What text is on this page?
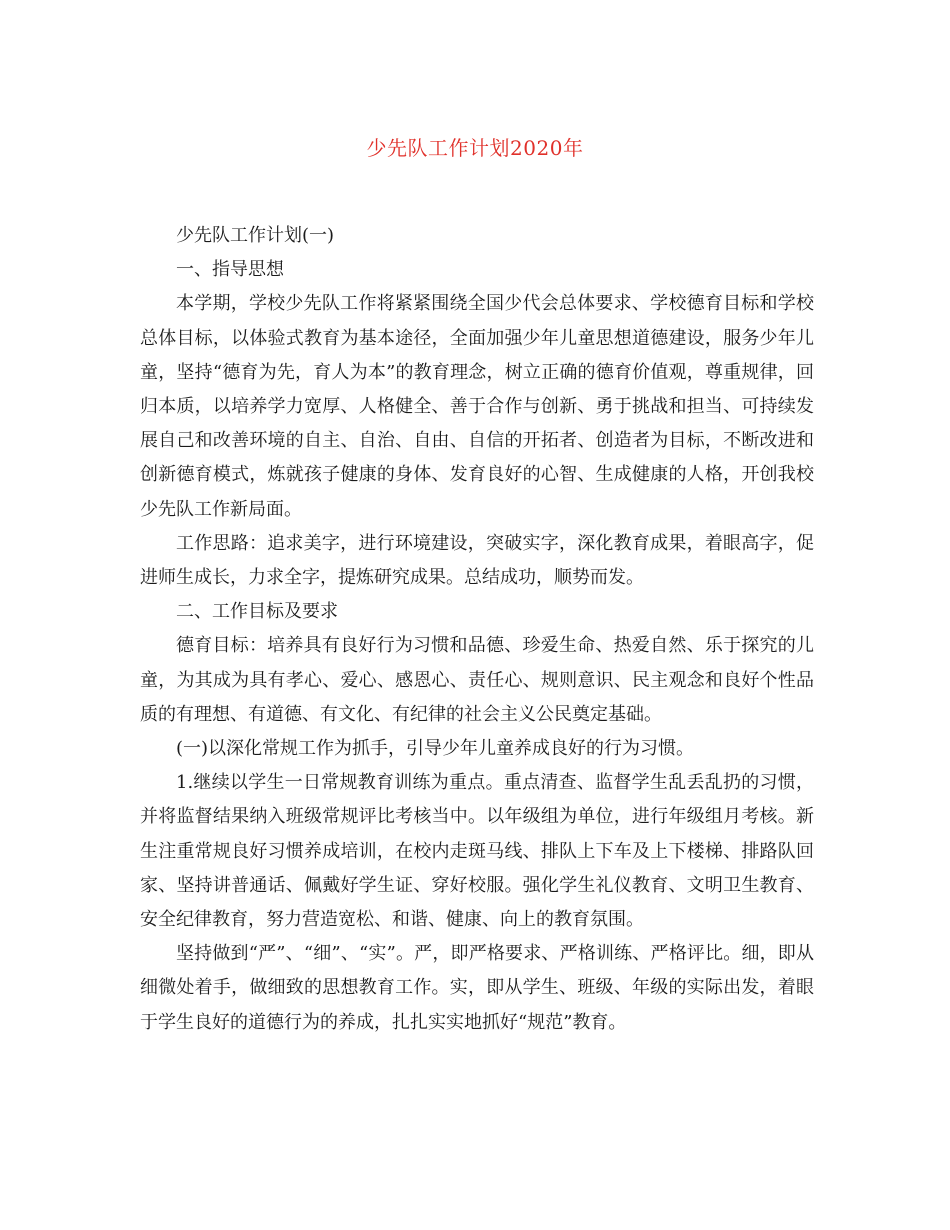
少先队工作计划2020年

少先队工作计划(一)

一、指导思想

本学期，学校少先队工作将紧紧围绕全国少代会总体要求、学校德育目标和学校总体目标，以体验式教育为基本途径，全面加强少年儿童思想道德建设，服务少年儿童，坚持“德育为先，育人为本”的教育理念，树立正确的德育价值观，尊重规律，回归本质，以培养学力宽厚、人格健全、善于合作与创新、勇于挑战和担当、可持续发展自己和改善环境的自主、自治、自由、自信的开拓者、创造者为目标，不断改进和创新德育模式，炼就孩子健康的身体、发育良好的心智、生成健康的人格，开创我校少先队工作新局面。

工作思路：追求美字，进行环境建设，突破实字，深化教育成果，着眼高字，促进师生成长，力求全字，提炼研究成果。总结成功，顺势而发。

二、工作目标及要求

德育目标：培养具有良好行为习惯和品德、珍爱生命、热爱自然、乐于探究的儿童，为其成为具有孝心、爱心、感恩心、责任心、规则意识、民主观念和良好个性品质的有理想、有道德、有文化、有纪律的社会主义公民奠定基础。

(一)以深化常规工作为抓手，引导少年儿童养成良好的行为习惯。

1.继续以学生一日常规教育训练为重点。重点清查、监督学生乱丢乱扔的习惯，并将监督结果纳入班级常规评比考核当中。以年级组为单位，进行年级组月考核。新生注重常规良好习惯养成培训，在校内走斑马线、排队上下车及上下楼梯、排路队回家、坚持讲普通话、佩戴好学生证、穿好校服。强化学生礼仪教育、文明卫生教育、安全纪律教育，努力营造宽松、和谐、健康、向上的教育氛围。

坚持做到“严”、“细”、“实”。严，即严格要求、严格训练、严格评比。细，即从细微处着手，做细致的思想教育工作。实，即从学生、班级、年级的实际出发，着眼于学生良好的道德行为的养成，扎扎实实地抓好“规范”教育。
